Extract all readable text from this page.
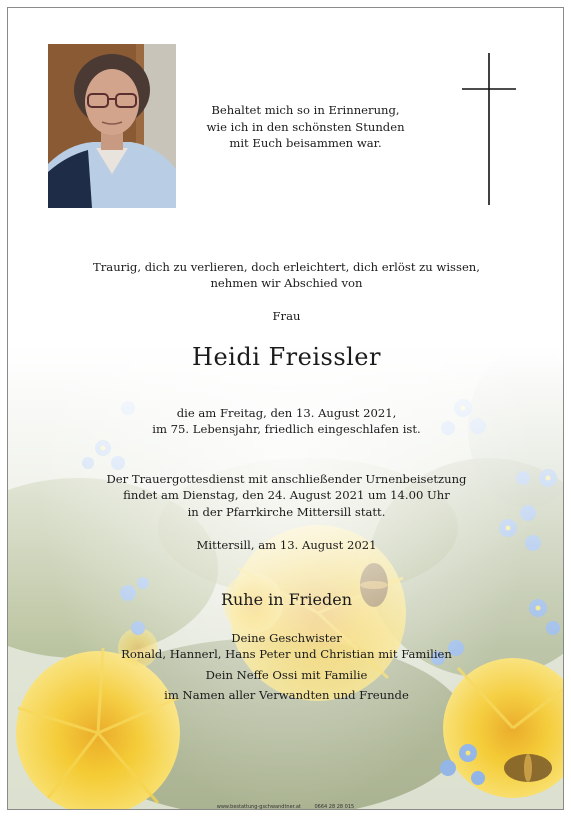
Behaltet mich so in Erinnerung,
wie ich in den schönsten Stunden
mit Euch beisammen war.
Traurig, dich zu verlieren, doch erleichtert, dich erlöst zu wissen,
nehmen wir Abschied von
Frau
Heidi Freissler
die am Freitag, den 13. August 2021,
im 75. Lebensjahr, friedlich eingeschlafen ist.
Der Trauergottesdienst mit anschließender Urnenbeisetzung
findet am Dienstag, den 24. August 2021 um 14.00 Uhr
in der Pfarrkirche Mittersill statt.
Mittersill, am 13. August 2021
Ruhe in Frieden
Deine Geschwister
Ronald, Hannerl, Hans Peter und Christian mit Familien
Dein Neffe Ossi mit Familie
im Namen aller Verwandten und Freunde
www.bestattung-gschwandtner.at	0664 28 28 015
